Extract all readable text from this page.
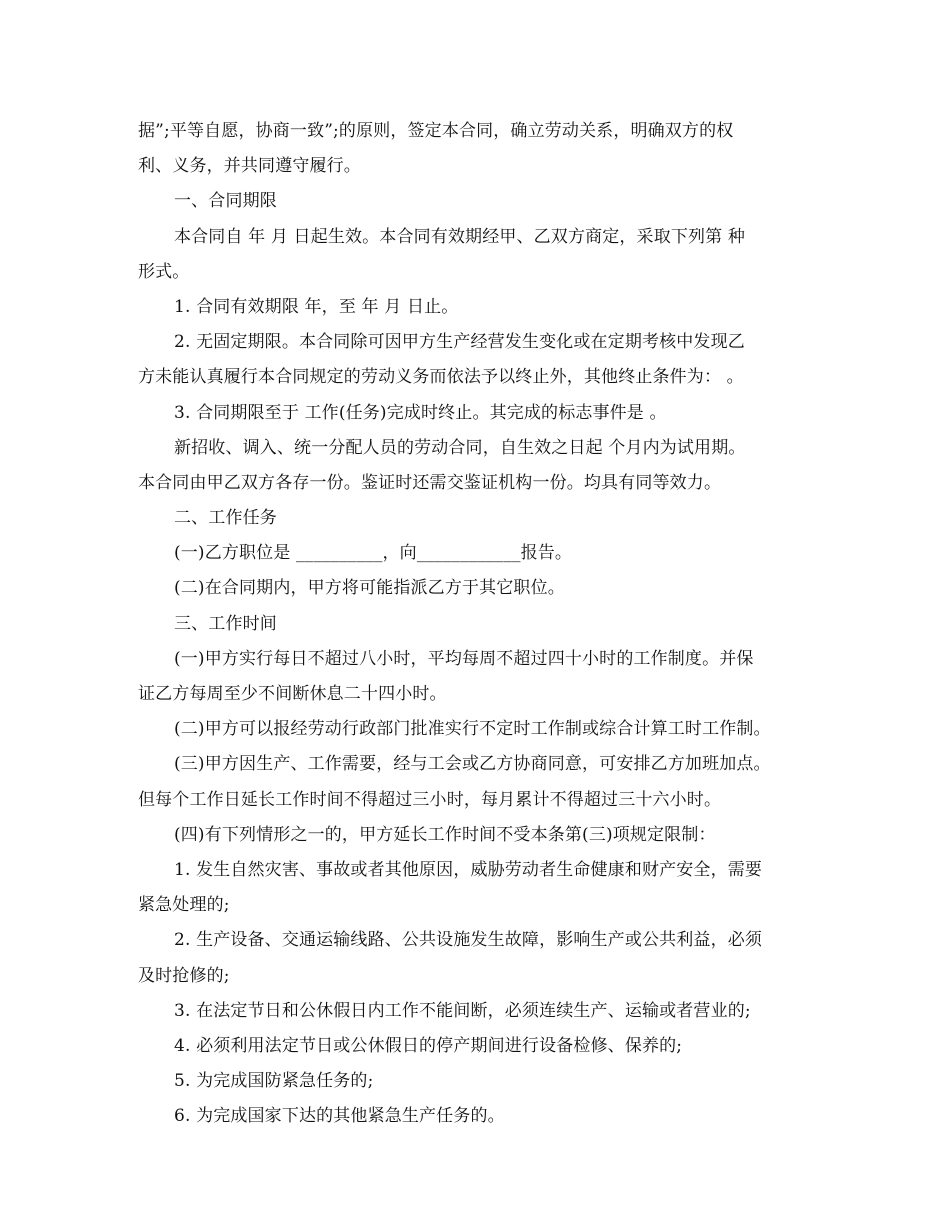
据”;平等自愿，协商一致”;的原则，签定本合同，确立劳动关系，明确双方的权
利、义务，并共同遵守履行。
一、合同期限
本合同自 年 月 日起生效。本合同有效期经甲、乙双方商定，采取下列第 种
形式。
1. 合同有效期限 年，至 年 月 日止。
2. 无固定期限。本合同除可因甲方生产经营发生变化或在定期考核中发现乙
方未能认真履行本合同规定的劳动义务而依法予以终止外，其他终止条件为： 。
3. 合同期限至于 工作(任务)完成时终止。其完成的标志事件是 。
新招收、调入、统一分配人员的劳动合同，自生效之日起 个月内为试用期。
本合同由甲乙双方各存一份。鉴证时还需交鉴证机构一份。均具有同等效力。
二、工作任务
(一)乙方职位是 __________，向____________报告。
(二)在合同期内，甲方将可能指派乙方于其它职位。
三、工作时间
(一)甲方实行每日不超过八小时，平均每周不超过四十小时的工作制度。并保
证乙方每周至少不间断休息二十四小时。
(二)甲方可以报经劳动行政部门批准实行不定时工作制或综合计算工时工作制。
(三)甲方因生产、工作需要，经与工会或乙方协商同意，可安排乙方加班加点。
但每个工作日延长工作时间不得超过三小时，每月累计不得超过三十六小时。
(四)有下列情形之一的，甲方延长工作时间不受本条第(三)项规定限制：
1. 发生自然灾害、事故或者其他原因，威胁劳动者生命健康和财产安全，需要
紧急处理的;
2. 生产设备、交通运输线路、公共设施发生故障，影响生产或公共利益，必须
及时抢修的;
3. 在法定节日和公休假日内工作不能间断，必须连续生产、运输或者营业的;
4. 必须利用法定节日或公休假日的停产期间进行设备检修、保养的;
5. 为完成国防紧急任务的;
6. 为完成国家下达的其他紧急生产任务的。
